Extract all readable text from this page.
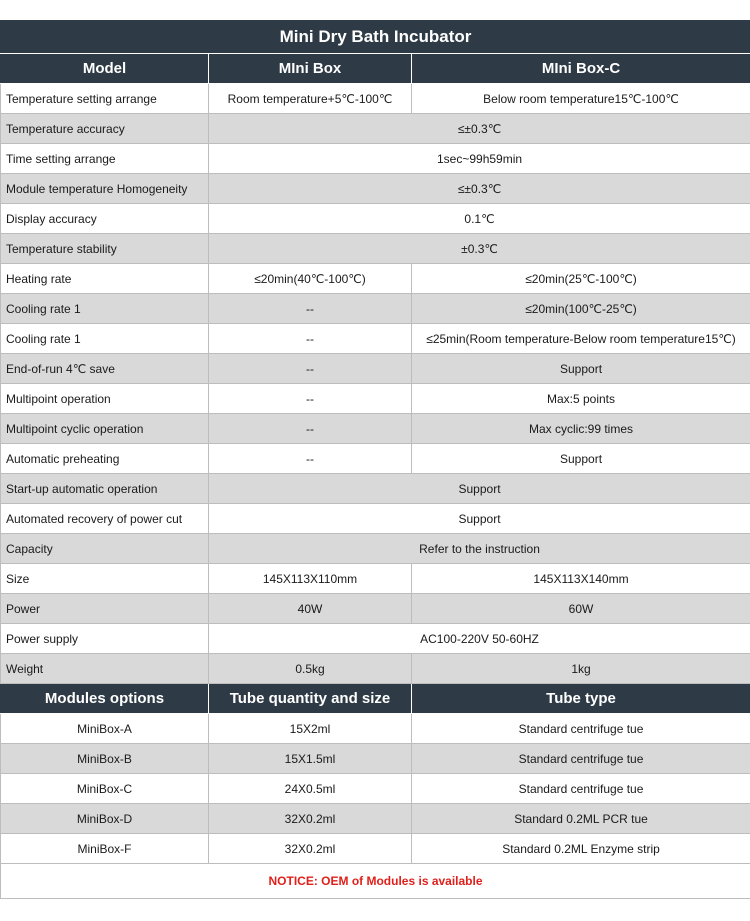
Mini Dry Bath Incubator		
Model	MIni Box	MIni Box-C
Temperature setting arrange	Room temperature+5℃-100℃	Below room temperature15℃-100℃
Temperature accuracy	≤±0.3℃	
Time setting arrange	1sec~99h59min	
Module temperature Homogeneity	≤±0.3℃	
Display accuracy	0.1℃	
Temperature stability	±0.3℃	
Heating rate	≤20min(40℃-100℃)	≤20min(25℃-100℃)
Cooling rate 1	--	≤20min(100℃-25℃)
Cooling rate 1	--	≤25min(Room temperature-Below room temperature15℃)
End-of-run 4℃ save	--	Support
Multipoint operation	--	Max:5 points
Multipoint cyclic operation	--	Max cyclic:99 times
Automatic preheating	--	Support
Start-up automatic operation	Support	
Automated recovery of power cut	Support	
Capacity	Refer to the instruction	
Size	145X113X110mm	145X113X140mm
Power	40W	60W
Power supply	AC100-220V 50-60HZ	
Weight	0.5kg	1kg
Modules options	Tube quantity and size	Tube type
MiniBox-A	15X2ml	Standard centrifuge tue
MiniBox-B	15X1.5ml	Standard centrifuge tue
MiniBox-C	24X0.5ml	Standard centrifuge tue
MiniBox-D	32X0.2ml	Standard 0.2ML PCR tue
MiniBox-F	32X0.2ml	Standard 0.2ML Enzyme strip
NOTICE: OEM of Modules is available		
